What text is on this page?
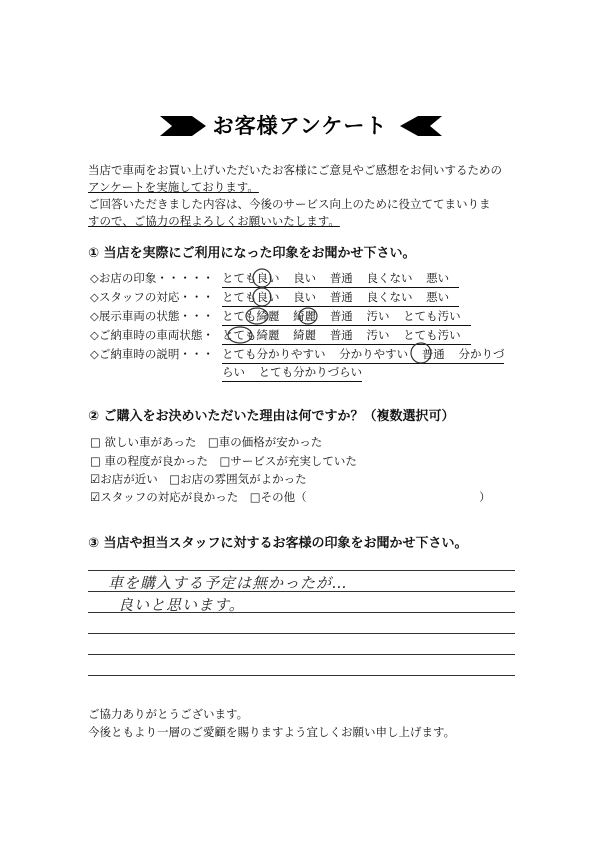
お客様アンケート
当店で車両をお買い上げいただいたお客様にご意見やご感想をお伺いするための
アンケートを実施しております。
ご回答いただきました内容は、今後のサービス向上のために役立ててまいりま
すので、ご協力の程よろしくお願いいたします。
① 当店を実際にご利用になった印象をお聞かせ下さい。
◇お店の印象・・・・・ とても良い 良い 普通 良くない 悪い
◇スタッフの対応・・・ とても良い 良い 普通 良くない 悪い
◇展示車両の状態・・・ とても綺麗 綺麗 普通 汚い とても汚い
◇ご納車時の車両状態・ とても綺麗 綺麗 普通 汚い とても汚い
◇ご納車時の説明・・・ とても分かりやすい 分かりやすい 普通 分かりづ
らい とても分かりづらい
② ご購入をお決めいただいた理由は何ですか？（複数選択可）
□ 欲しい車があった　□車の価格が安かった
□ 車の程度が良かった　□サービスが充実していた
☑お店が近い　□お店の雰囲気がよかった
☑スタッフの対応が良かった　□その他（　　　　　　　　　　　　　　　）
③ 当店や担当スタッフに対するお客様の印象をお聞かせ下さい。
車を購入する予定は無かったが…
良いと思います。
ご協力ありがとうございます。
今後ともより一層のご愛顧を賜りますよう宜しくお願い申し上げます。
